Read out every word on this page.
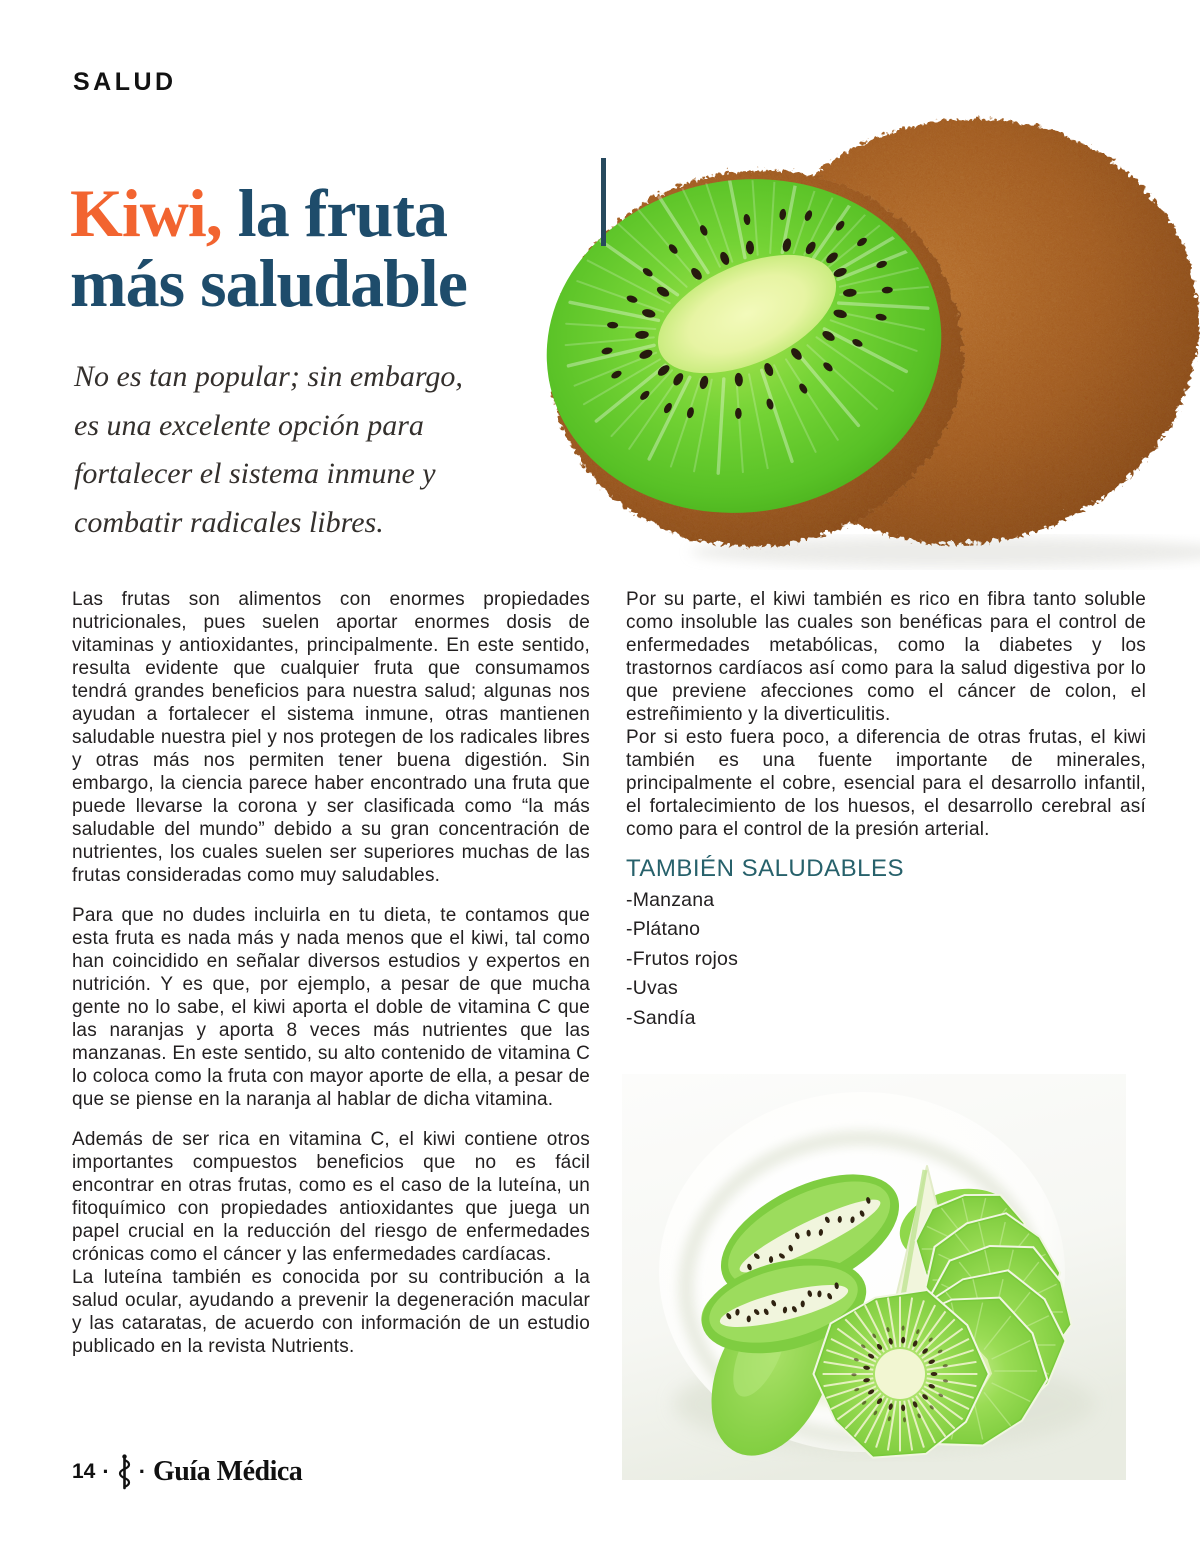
SALUD
Kiwi, la fruta
más saludable
No es tan popular; sin embargo,
es una excelente opción para
fortalecer el sistema inmune y
combatir radicales libres.

Las frutas son alimentos con enormes propiedades nutricionales, pues suelen aportar enormes dosis de vitaminas y antioxidantes, principalmente. En este sentido, resulta evidente que cualquier fruta que consumamos tendrá grandes beneficios para nuestra salud; algunas nos ayudan a fortalecer el sistema inmune, otras mantienen saludable nuestra piel y nos protegen de los radicales libres y otras más nos permiten tener buena digestión. Sin embargo, la ciencia parece haber encontrado una fruta que puede llevarse la corona y ser clasificada como “la más saludable del mundo” debido a su gran concentración de nutrientes, los cuales suelen ser superiores muchas de las frutas consideradas como muy saludables.

Para que no dudes incluirla en tu dieta, te contamos que esta fruta es nada más y nada menos que el kiwi, tal como han coincidido en señalar diversos estudios y expertos en nutrición. Y es que, por ejemplo, a pesar de que mucha gente no lo sabe, el kiwi aporta el doble de vitamina C que las naranjas y aporta 8 veces más nutrientes que las manzanas. En este sentido, su alto contenido de vitamina C lo coloca como la fruta con mayor aporte de ella, a pesar de que se piense en la naranja al hablar de dicha vitamina.

Además de ser rica en vitamina C, el kiwi contiene otros importantes compuestos beneficios que no es fácil encontrar en otras frutas, como es el caso de la luteína, un fitoquímico con propiedades antioxidantes que juega un papel crucial en la reducción del riesgo de enfermedades crónicas como el cáncer y las enfermedades cardíacas.

La luteína también es conocida por su contribución a la salud ocular, ayudando a prevenir la degeneración macular y las cataratas, de acuerdo con información de un estudio publicado en la revista Nutrients.

Por su parte, el kiwi también es rico en fibra tanto soluble como insoluble las cuales son benéficas para el control de enfermedades metabólicas, como la diabetes y los trastornos cardíacos así como para la salud digestiva por lo que previene afecciones como el cáncer de colon, el estreñimiento y la diverticulitis.

Por si esto fuera poco, a diferencia de otras frutas, el kiwi también es una fuente importante de minerales, principalmente el cobre, esencial para el desarrollo infantil, el fortalecimiento de los huesos, el desarrollo cerebral así como para el control de la presión arterial.

TAMBIÉN SALUDABLES
-Manzana
-Plátano
-Frutos rojos
-Uvas
-Sandía
14 · · Guía Médica
